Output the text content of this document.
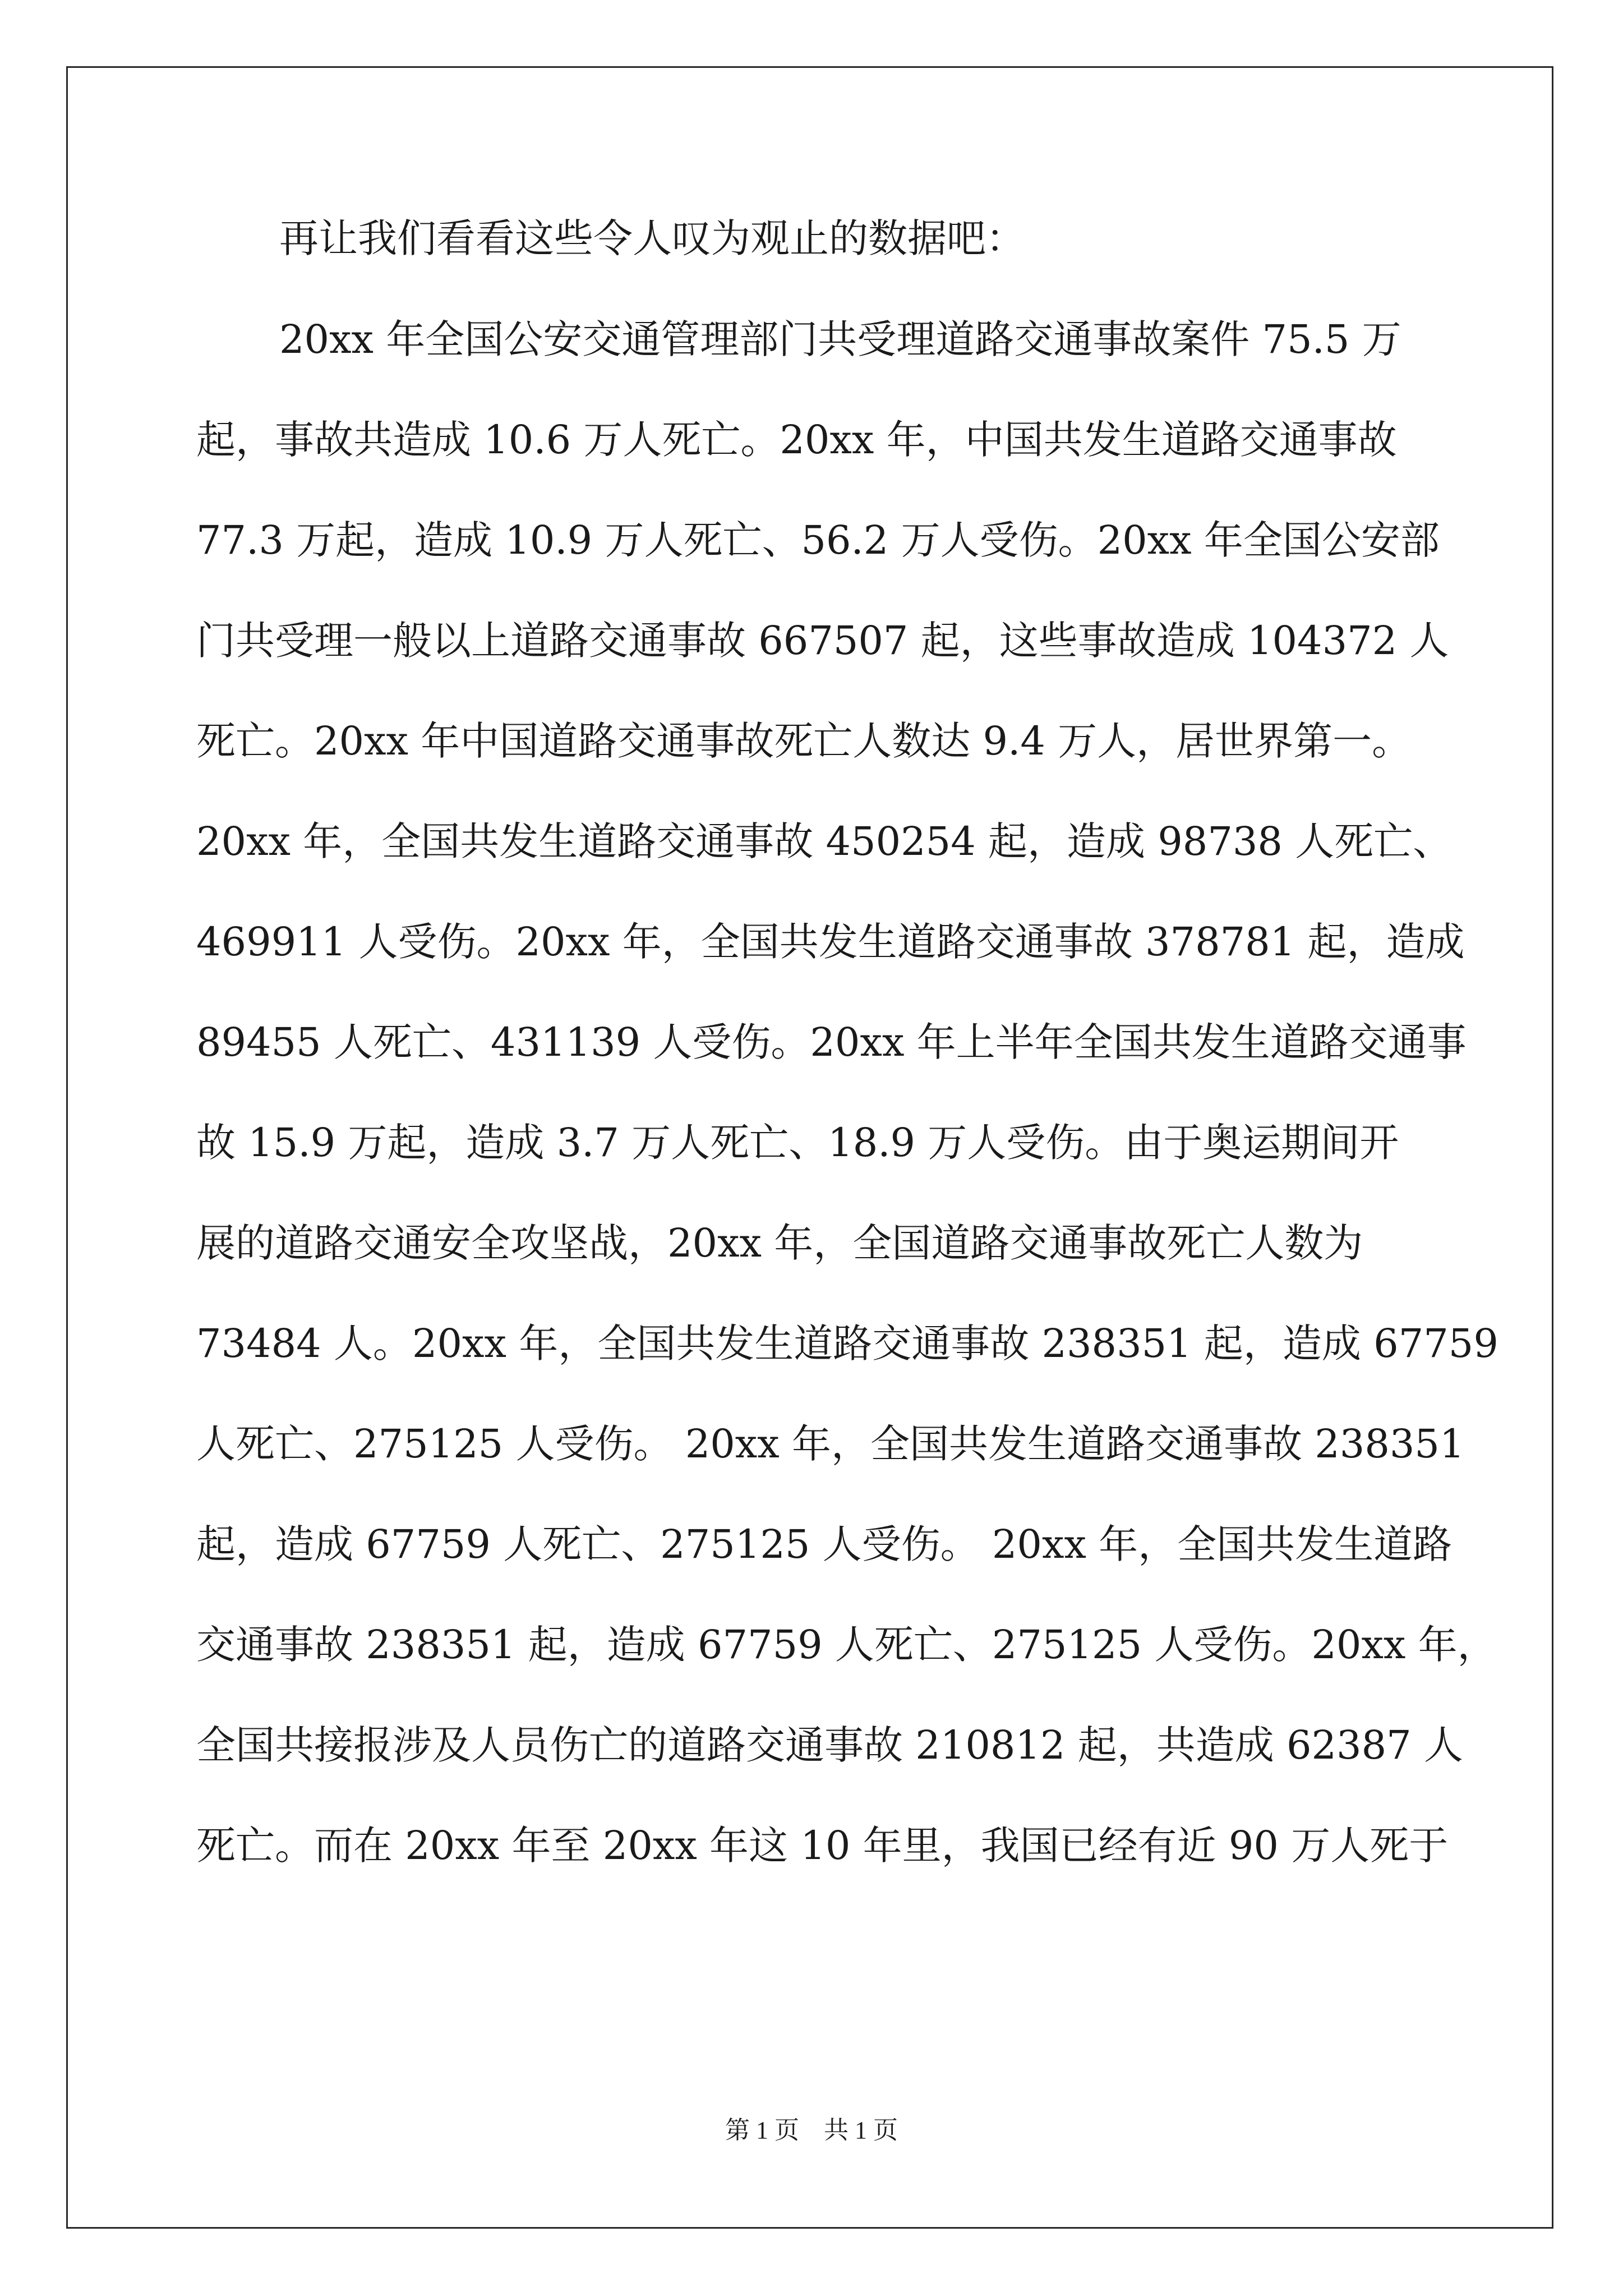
再让我们看看这些令人叹为观止的数据吧：
20xx 年全国公安交通管理部门共受理道路交通事故案件 75.5 万
起，事故共造成 10.6 万人死亡。20xx 年，中国共发生道路交通事故
77.3 万起，造成 10.9 万人死亡、56.2 万人受伤。20xx 年全国公安部
门共受理一般以上道路交通事故 667507 起，这些事故造成 104372 人
死亡。20xx 年中国道路交通事故死亡人数达 9.4 万人，居世界第一。
20xx 年，全国共发生道路交通事故 450254 起，造成 98738 人死亡、
469911 人受伤。20xx 年，全国共发生道路交通事故 378781 起，造成
89455 人死亡、431139 人受伤。20xx 年上半年全国共发生道路交通事
故 15.9 万起，造成 3.7 万人死亡、18.9 万人受伤。由于奥运期间开
展的道路交通安全攻坚战，20xx 年，全国道路交通事故死亡人数为
73484 人。20xx 年，全国共发生道路交通事故 238351 起，造成 67759
人死亡、275125 人受伤。 20xx 年，全国共发生道路交通事故 238351
起，造成 67759 人死亡、275125 人受伤。 20xx 年，全国共发生道路
交通事故 238351 起，造成 67759 人死亡、275125 人受伤。20xx 年，
全国共接报涉及人员伤亡的道路交通事故 210812 起，共造成 62387 人
死亡。而在 20xx 年至 20xx 年这 10 年里，我国已经有近 90 万人死于
第 1 页　共 1 页
